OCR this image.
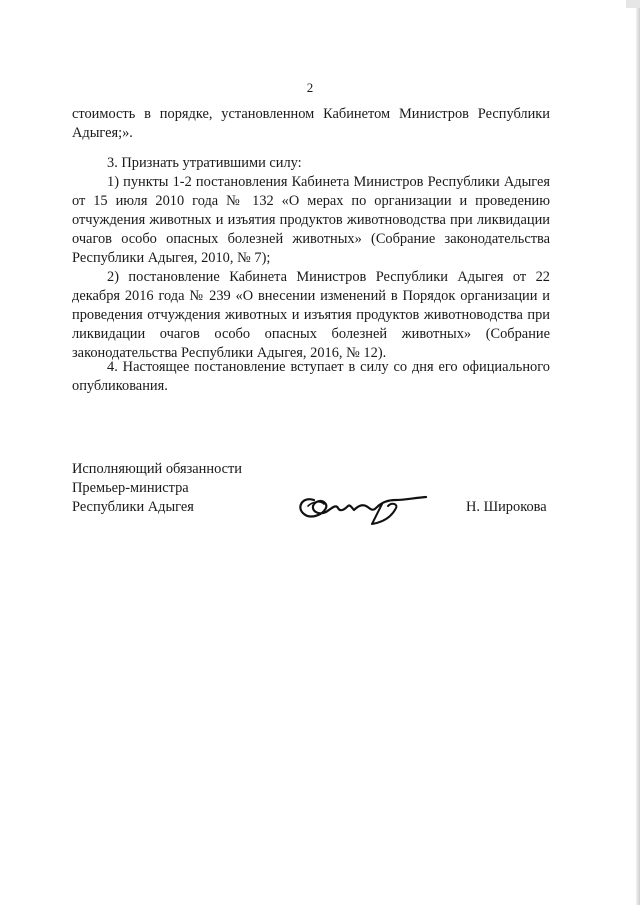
2

стоимость в порядке, установленном Кабинетом Министров Республики Адыгея;».

3. Признать утратившими силу:

1) пункты 1-2 постановления Кабинета Министров Республики Адыгея от 15 июля 2010 года № 132 «О мерах по организации и проведению отчуждения животных и изъятия продуктов животноводства при ликвидации очагов особо опасных болезней животных» (Собрание законодательства Республики Адыгея, 2010, № 7);

2) постановление Кабинета Министров Республики Адыгея от 22 декабря 2016 года № 239 «О внесении изменений в Порядок организации и проведения отчуждения животных и изъятия продуктов животноводства при ликвидации очагов особо опасных болезней животных» (Собрание законодательства Республики Адыгея, 2016, № 12).

4. Настоящее постановление вступает в силу со дня его официального опубликования.

Исполняющий обязанности
Премьер-министра
Республики Адыгея	Н. Широкова
